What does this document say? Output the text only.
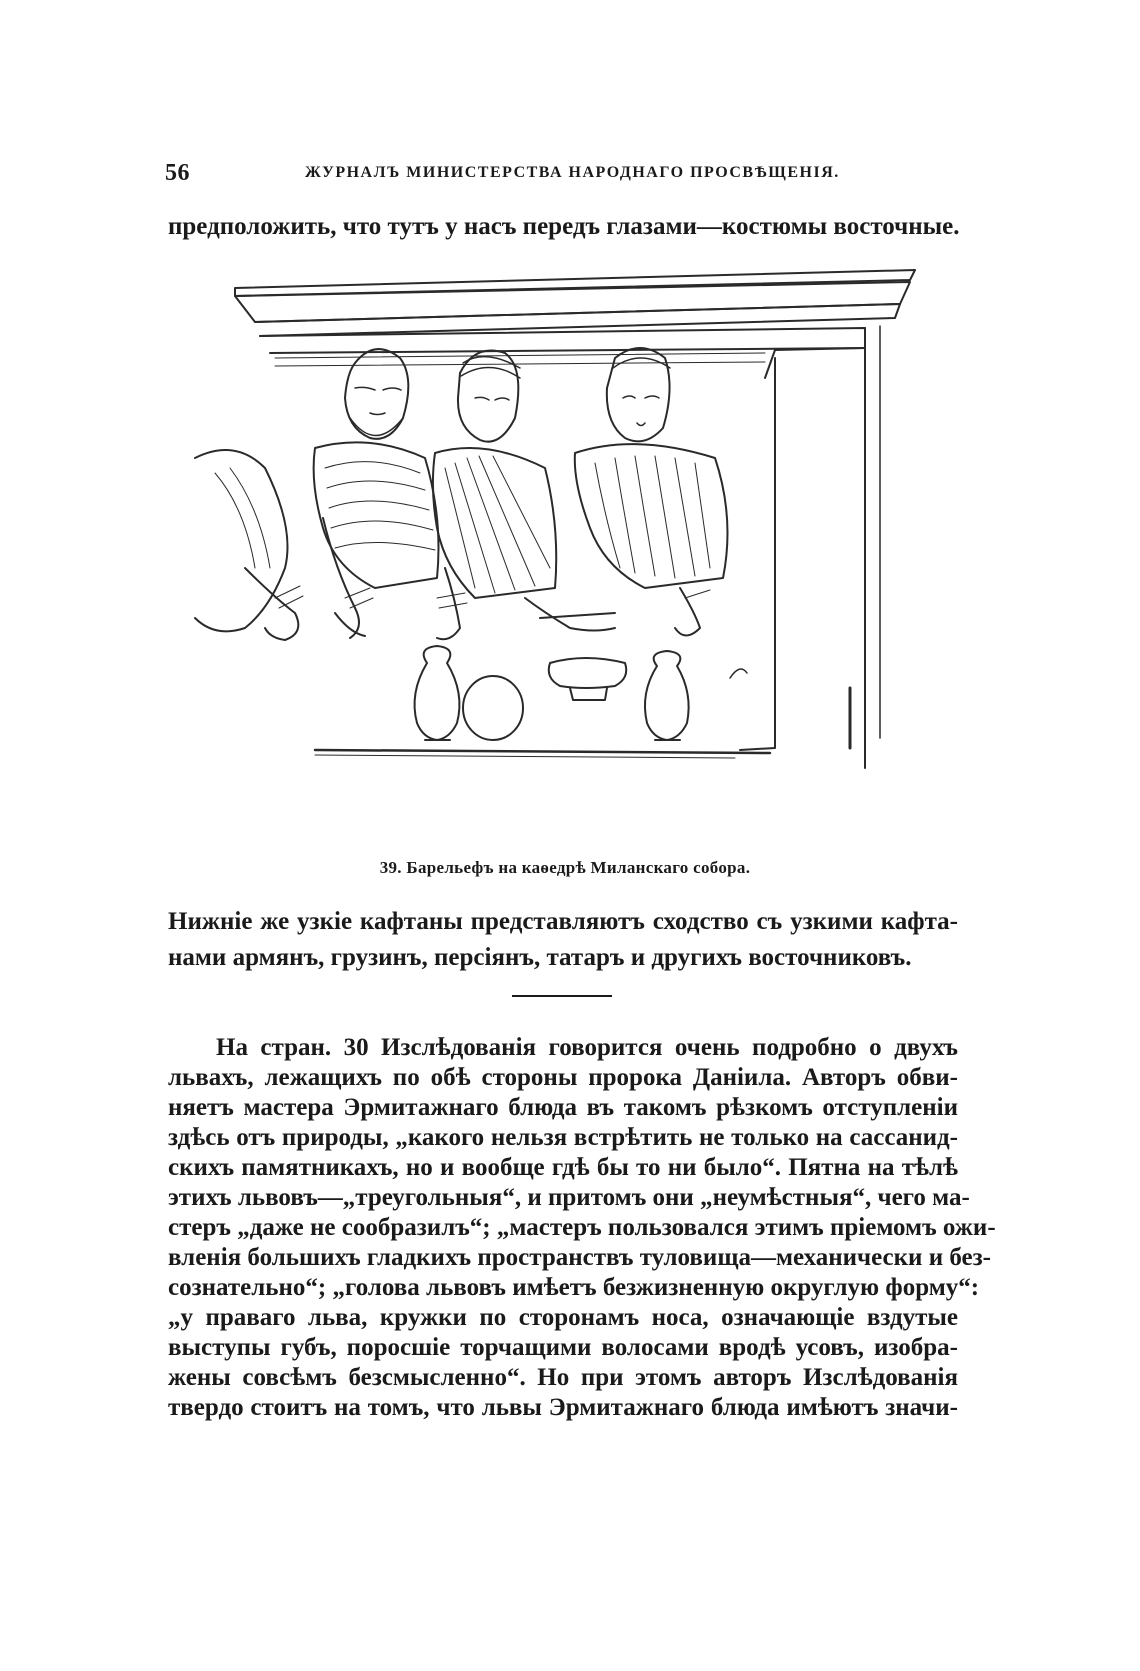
56	ЖУРНАЛЪ МИНИСТЕРСТВА НАРОДНАГО ПРОСВѢЩЕНІЯ.
предположить, что тутъ у насъ передъ глазами—костюмы восточные.
39. Барельефъ на каѳедрѣ Миланскаго собора.
Нижніе же узкіе кафтаны представляютъ сходство съ узкими кафта-
нами армянъ, грузинъ, персіянъ, татаръ и другихъ восточниковъ.
На стран. 30 Изслѣдованія говорится очень подробно о двухъ
львахъ, лежащихъ по обѣ стороны пророка Даніила. Авторъ обви-
няетъ мастера Эрмитажнаго блюда въ такомъ рѣзкомъ отступленіи
здѣсь отъ природы, „какого нельзя встрѣтить не только на сассанид-
скихъ памятникахъ, но и вообще гдѣ бы то ни было“. Пятна на тѣлѣ
этихъ львовъ—„треугольныя“, и притомъ они „неумѣстныя“, чего ма-
стеръ „даже не сообразилъ“; „мастеръ пользовался этимъ пріемомъ ожи-
вленія большихъ гладкихъ пространствъ туловища—механически и без-
сознательно“; „голова львовъ имѣетъ безжизненную округлую форму“:
„у праваго льва, кружки по сторонамъ носа, означающіе вздутые
выступы губъ, поросшіе торчащими волосами вродѣ усовъ, изобра-
жены совсѣмъ безсмысленно“. Но при этомъ авторъ Изслѣдованія
твердо стоитъ на томъ, что львы Эрмитажнаго блюда имѣютъ значи-
